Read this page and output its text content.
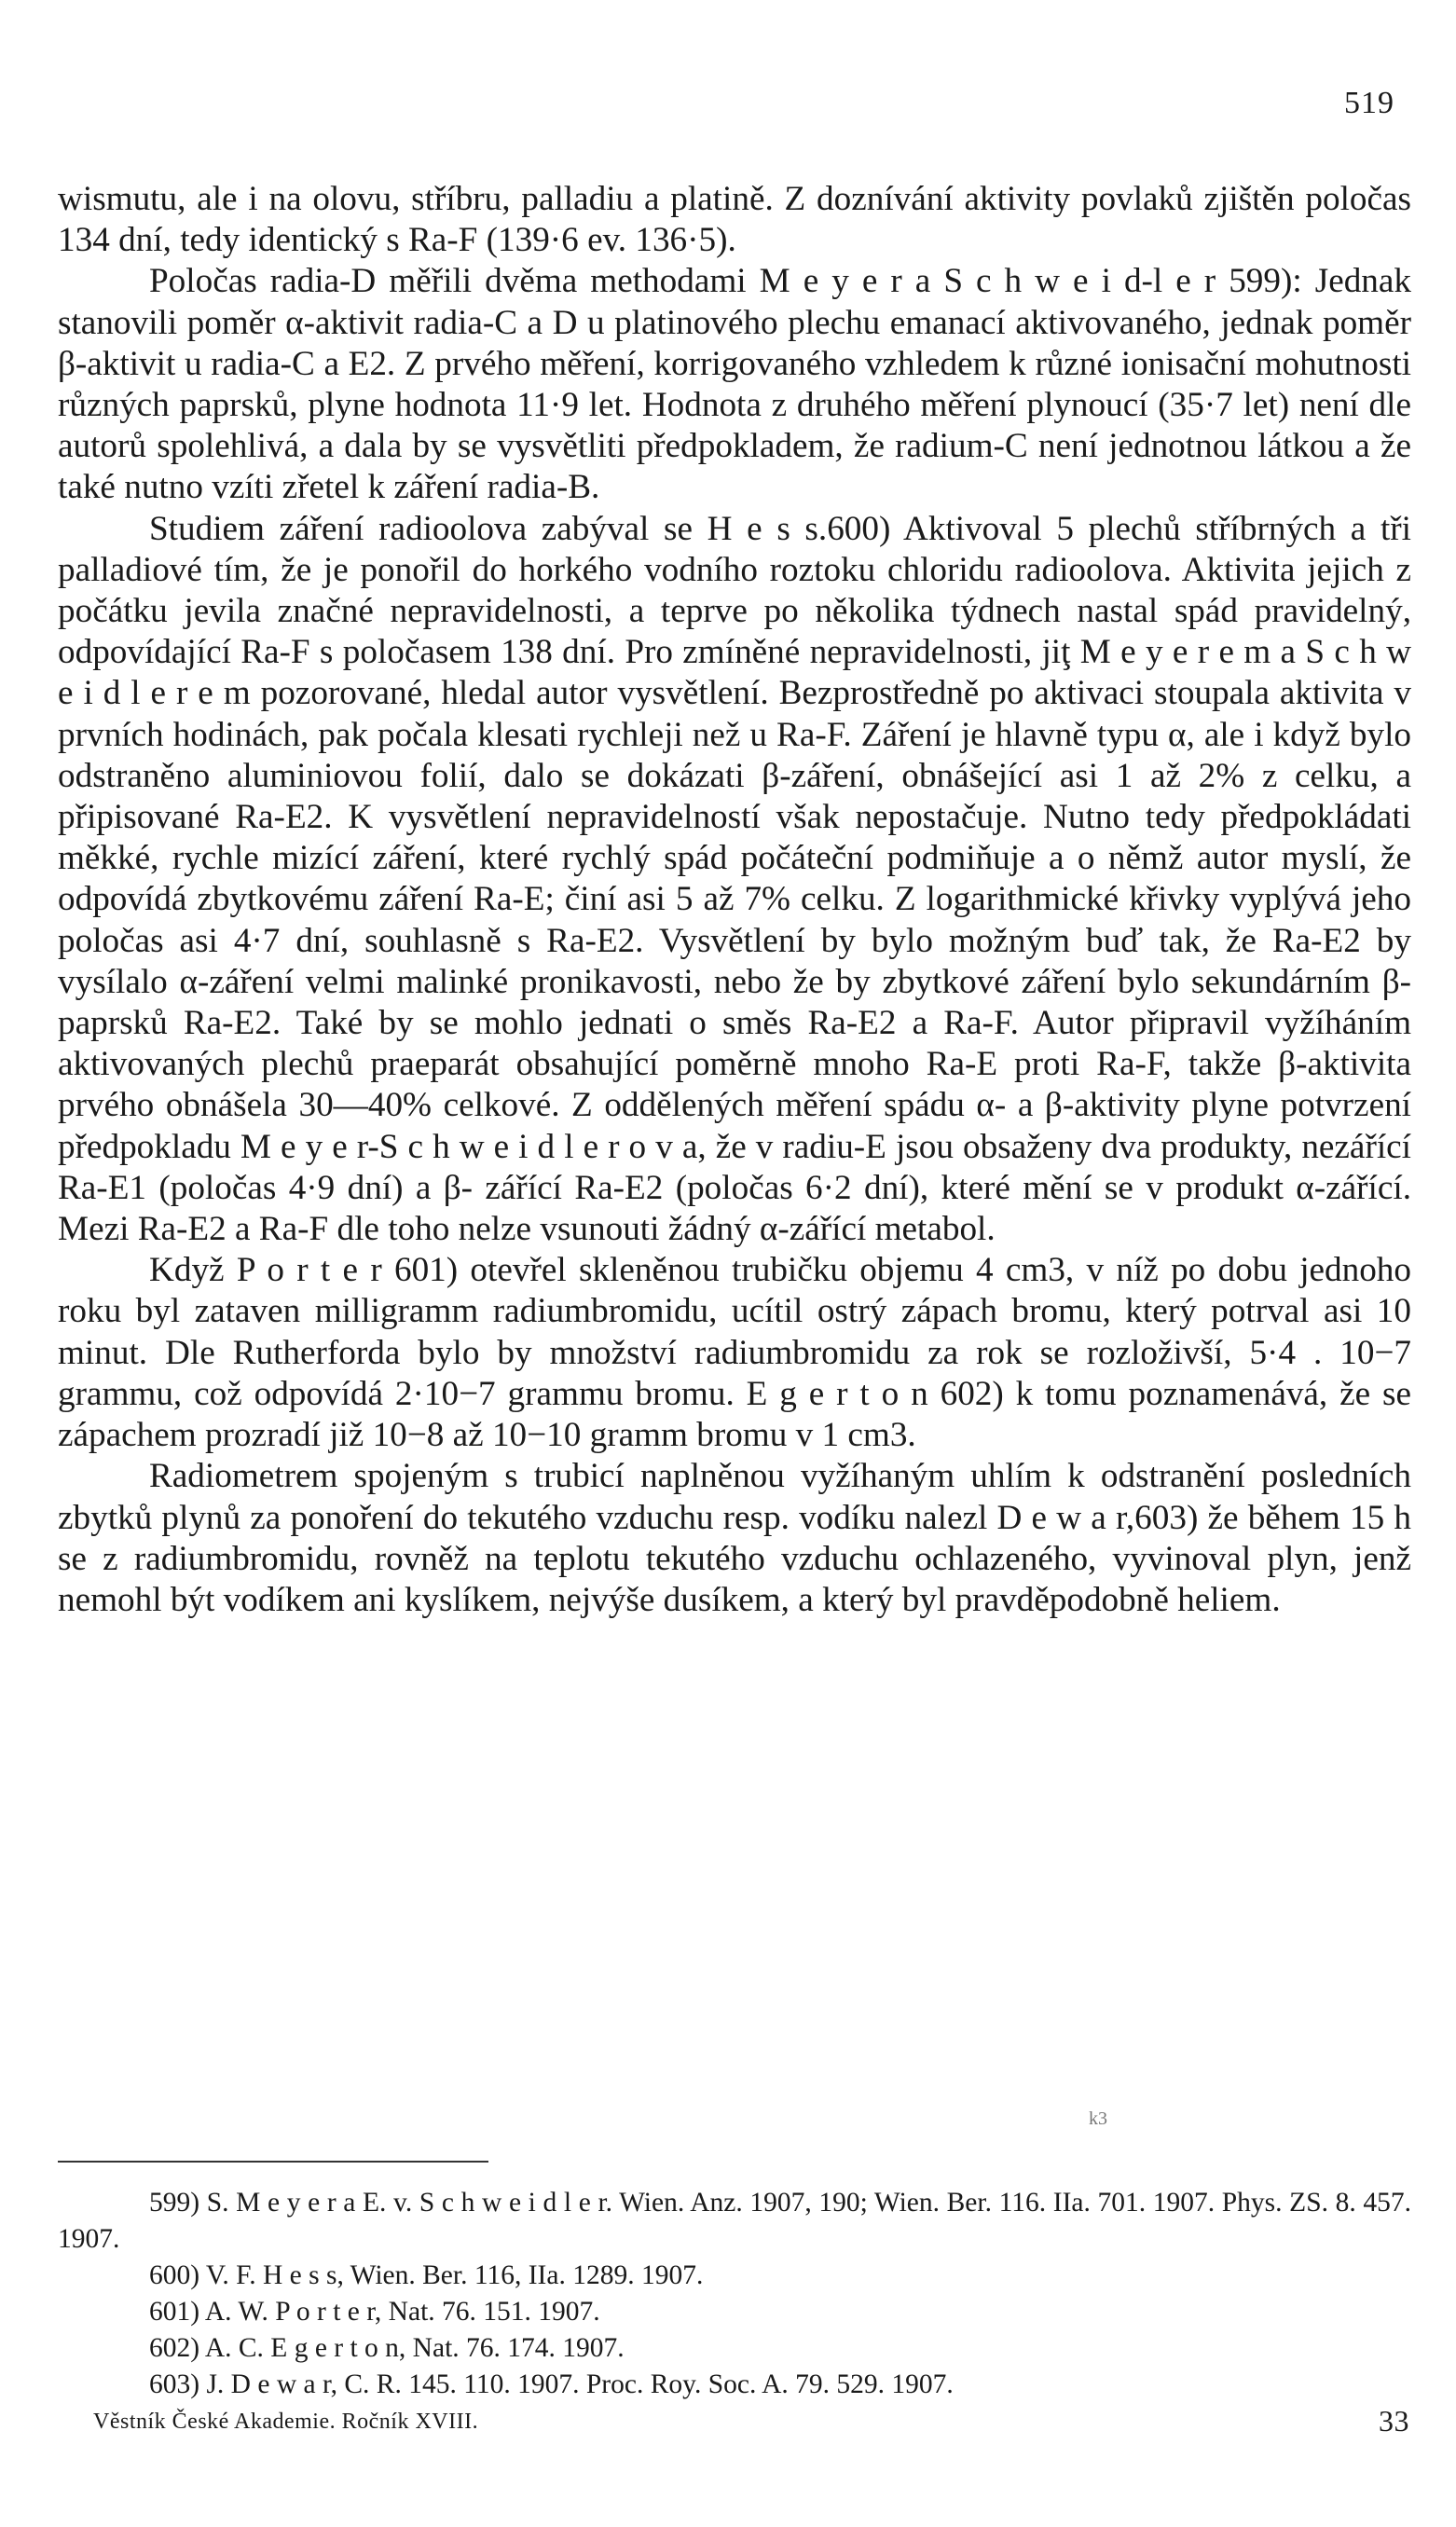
519

wismutu, ale i na olovu, stříbru, palladiu a platině. Z doznívání aktivity povlaků zjištěn poločas 134 dní, tedy identický s Ra-F (139·6 ev. 136·5).

Poločas radia-D měřili dvěma methodami M e y e r a S c h w e i d-l e r 599): Jednak stanovili poměr α-aktivit radia-C a D u platinového plechu emanací aktivovaného, jednak poměr β-aktivit u radia-C a E2. Z prvého měření, korrigovaného vzhledem k různé ionisační mohutnosti různých paprsků, plyne hodnota 11·9 let. Hodnota z druhého měření plynoucí (35·7 let) není dle autorů spolehlivá, a dala by se vysvětliti předpokladem, že radium-C není jednotnou látkou a že také nutno vzíti zřetel k záření radia-B.

Studiem záření radioolova zabýval se H e s s.600) Aktivoval 5 plechů stříbrných a tři palladiové tím, že je ponořil do horkého vodního roztoku chloridu radioolova. Aktivita jejich z počátku jevila značné nepravidelnosti, a teprve po několika týdnech nastal spád pravidelný, odpovídající Ra-F s poločasem 138 dní. Pro zmíněné nepravidelnosti, jiţ M e y e r e m a S c h w e i d l e r e m pozorované, hledal autor vysvětlení. Bezprostředně po aktivaci stoupala aktivita v prvních hodinách, pak počala klesati rychleji než u Ra-F. Záření je hlavně typu α, ale i když bylo odstraněno aluminiovou folií, dalo se dokázati β-záření, obnášející asi 1 až 2% z celku, a připisované Ra-E2. K vysvětlení nepravidelností však nepostačuje. Nutno tedy předpokládati měkké, rychle mizící záření, které rychlý spád počáteční podmiňuje a o němž autor myslí, že odpovídá zbytkovému záření Ra-E; činí asi 5 až 7% celku. Z logarithmické křivky vyplývá jeho poločas asi 4·7 dní, souhlasně s Ra-E2. Vysvětlení by bylo možným buď tak, že Ra-E2 by vysílalo α-záření velmi malinké pronikavosti, nebo že by zbytkové záření bylo sekundárním β-paprsků Ra-E2. Také by se mohlo jednati o směs Ra-E2 a Ra-F. Autor připravil vyžíháním aktivovaných plechů praeparát obsahující poměrně mnoho Ra-E proti Ra-F, takže β-aktivita prvého obnášela 30—40% celkové. Z oddělených měření spádu α- a β-aktivity plyne potvrzení předpokladu M e y e r-S c h w e i d l e r o v a, že v radiu-E jsou obsaženy dva produkty, nezářící Ra-E1 (poločas 4·9 dní) a β- zářící Ra-E2 (poločas 6·2 dní), které mění se v produkt α-zářící. Mezi Ra-E2 a Ra-F dle toho nelze vsunouti žádný α-zářící metabol.

Když P o r t e r 601) otevřel skleněnou trubičku objemu 4 cm3, v níž po dobu jednoho roku byl zataven milligramm radiumbromidu, ucítil ostrý zápach bromu, který potrval asi 10 minut. Dle Rutherforda bylo by množství radiumbromidu za rok se rozloživší, 5·4 . 10−7 grammu, což odpovídá 2·10−7 grammu bromu. E g e r t o n 602) k tomu poznamenává, že se zápachem prozradí již 10−8 až 10−10 gramm bromu v 1 cm3.

Radiometrem spojeným s trubicí naplněnou vyžíhaným uhlím k odstranění posledních zbytků plynů za ponoření do tekutého vzduchu resp. vodíku nalezl D e w a r,603) že během 15 h se z radiumbromidu, rovněž na teplotu tekutého vzduchu ochlazeného, vyvinoval plyn, jenž nemohl být vodíkem ani kyslíkem, nejvýše dusíkem, a který byl pravděpodobně heliem.

k3

599) S. M e y e r a E. v. S c h w e i d l e r. Wien. Anz. 1907, 190; Wien. Ber. 116. IIa. 701. 1907. Phys. ZS. 8. 457. 1907.

600) V. F. H e s s, Wien. Ber. 116, IIa. 1289. 1907.

601) A. W. P o r t e r, Nat. 76. 151. 1907.

602) A. C. E g e r t o n, Nat. 76. 174. 1907.

603) J. D e w a r, C. R. 145. 110. 1907. Proc. Roy. Soc. A. 79. 529. 1907.

Věstník České Akademie. Ročník XVIII.	33
